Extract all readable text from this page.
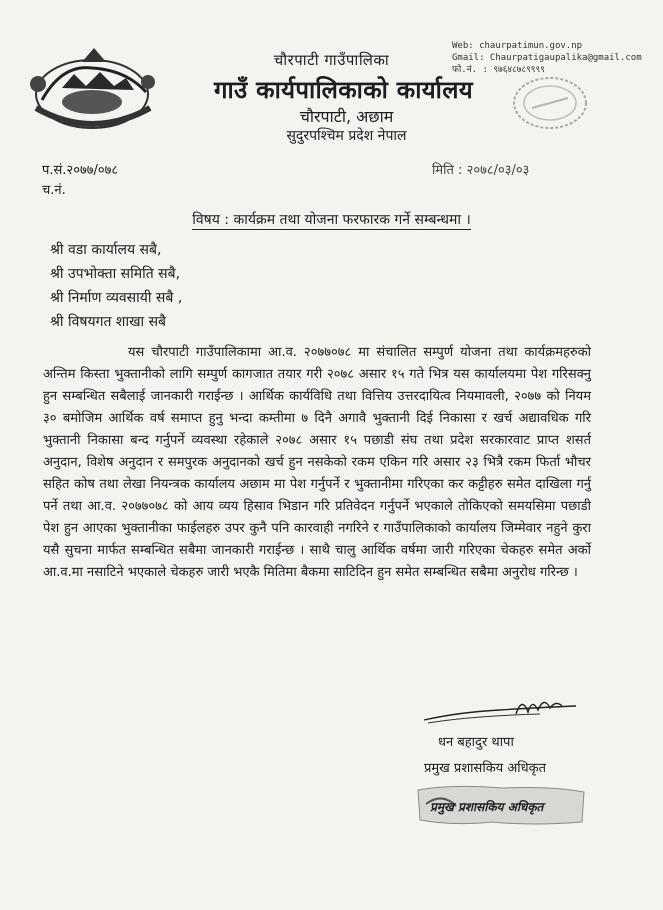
चौरपाटी गाउँपालिका
गाउँ कार्यपालिकाको कार्यालय
चौरपाटी, अछाम
सुदुरपश्चिम प्रदेश नेपाल
Web: chaurpatimun.gov.np
Gmail: Chaurpatigaupalika@gmail.com
फो.नं. : ९७६४८७८९९९९
प.सं.२०७७/०७८
च.नं.
मिति : २०७८/०३/०३
विषय : कार्यक्रम तथा योजना फरफारक गर्ने सम्बन्धमा ।
श्री वडा कार्यालय सबै,
श्री उपभोक्ता समिति सबै,
श्री निर्माण व्यवसायी सबै ,
श्री विषयगत शाखा सबै
यस चौरपाटी गाउँपालिकामा आ.व. २०७७०७८ मा संचालित सम्पुर्ण योजना तथा कार्यक्रमहरुको अन्तिम किस्ता भुक्तानीको लागि सम्पुर्ण कागजात तयार गरी २०७८ असार १५ गते भित्र यस कार्यालयमा पेश गरिसक्नु हुन सम्बन्धित सबैलाई जानकारी गराईन्छ । आर्थिक कार्यविधि तथा वित्तिय उत्तरदायित्व नियमावली, २०७७ को नियम ३० बमोजिम आर्थिक वर्ष समाप्त हुनु भन्दा कम्तीमा ७ दिनै अगावै भुक्तानी दिई निकासा र खर्च अद्यावधिक गरि भुक्तानी निकासा बन्द गर्नुपर्ने व्यवस्था रहेकाले २०७८ असार १५ पछाडी संघ तथा प्रदेश सरकारवाट प्राप्त शसर्त अनुदान, विशेष अनुदान र समपुरक अनुदानको खर्च हुन नसकेको रकम एकिन गरि असार २३ भित्रै रकम फिर्ता भौचर सहित कोष तथा लेखा नियन्त्रक कार्यालय अछाम मा पेश गर्नुपर्ने र भुक्तानीमा गरिएका कर कट्टीहरु समेत दाखिला गर्नु पर्ने तथा आ.व. २०७७०७८ को आय व्यय हिसाव भिडान गरि प्रतिवेदन गर्नुपर्ने भएकाले तोकिएको समयसिमा पछाडी पेश हुन आएका भुक्तानीका फाईलहरु उपर कुनै पनि कारवाही नगरिने र गाउँपालिकाको कार्यालय जिम्मेवार नहुने कुरा यसै सुचना मार्फत सम्बन्धित सबैमा जानकारी गराईन्छ । साथै चालु आर्थिक वर्षमा जारी गरिएका चेकहरु समेत अर्को आ.व.मा नसाटिने भएकाले चेकहरु जारी भएकै मितिमा बैकमा साटिदिन हुन समेत सम्बन्धित सबैमा अनुरोध गरिन्छ ।
धन बहादुर थापा
प्रमुख प्रशासकिय अधिकृत
प्रमुख प्रशासकिय अधिकृत
